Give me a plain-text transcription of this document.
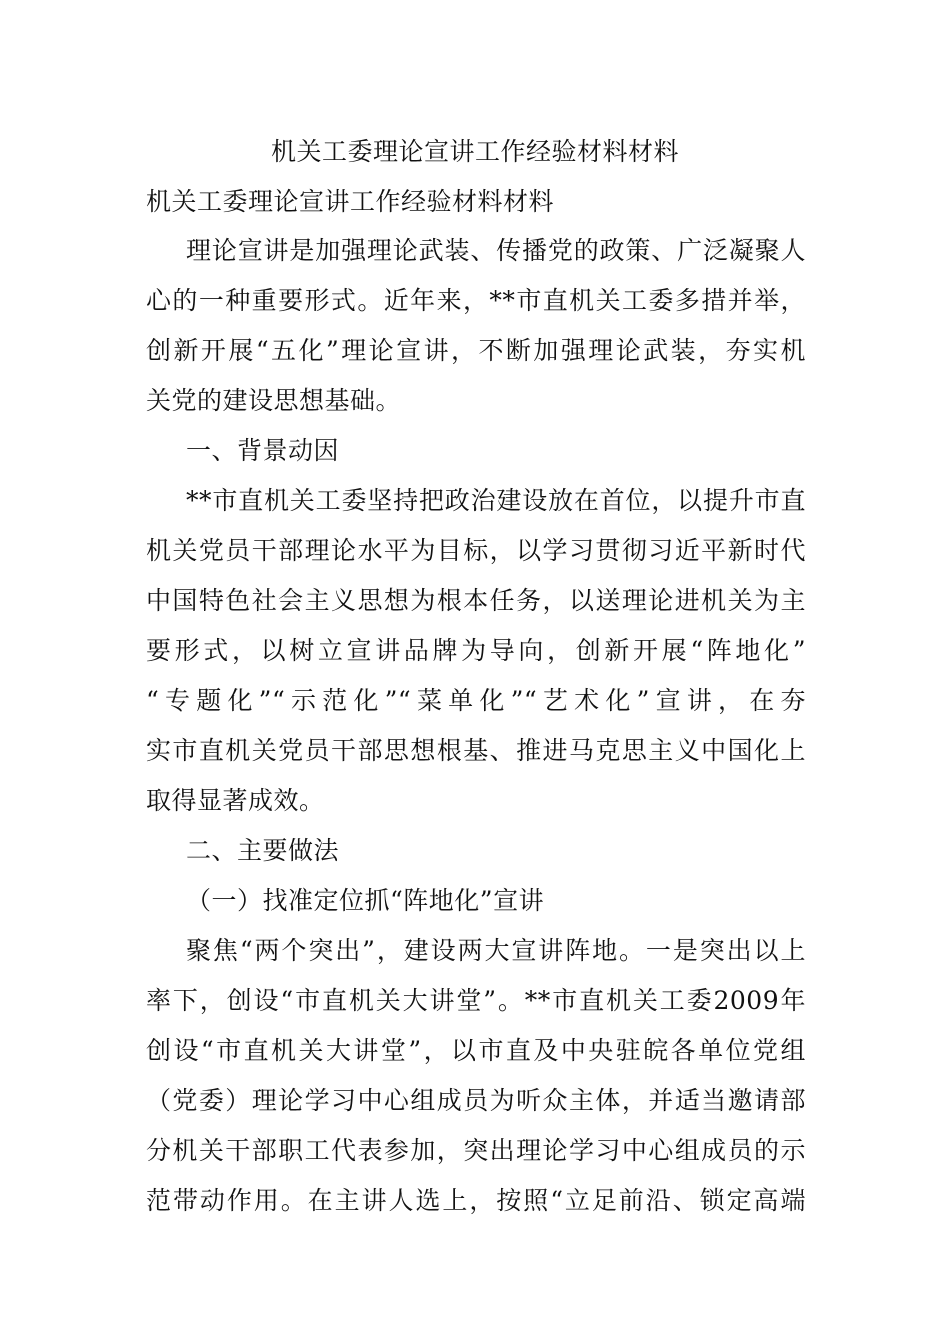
机关工委理论宣讲工作经验材料材料
机关工委理论宣讲工作经验材料材料
理论宣讲是加强理论武装、传播党的政策、广泛凝聚人
心的一种重要形式。近年来，**市直机关工委多措并举，
创新开展“五化”理论宣讲，不断加强理论武装，夯实机
关党的建设思想基础。
一、背景动因
**市直机关工委坚持把政治建设放在首位，以提升市直
机关党员干部理论水平为目标，以学习贯彻习近平新时代
中国特色社会主义思想为根本任务，以送理论进机关为主
要形式，以树立宣讲品牌为导向，创新开展“阵地化”
“专题化”“示范化”“菜单化”“艺术化”宣讲，在夯
实市直机关党员干部思想根基、推进马克思主义中国化上
取得显著成效。
二、主要做法
（一）找准定位抓“阵地化”宣讲
聚焦“两个突出”，建设两大宣讲阵地。一是突出以上
率下，创设“市直机关大讲堂”。**市直机关工委2009年
创设“市直机关大讲堂”，以市直及中央驻皖各单位党组
（党委）理论学习中心组成员为听众主体，并适当邀请部
分机关干部职工代表参加，突出理论学习中心组成员的示
范带动作用。在主讲人选上，按照“立足前沿、锁定高端
